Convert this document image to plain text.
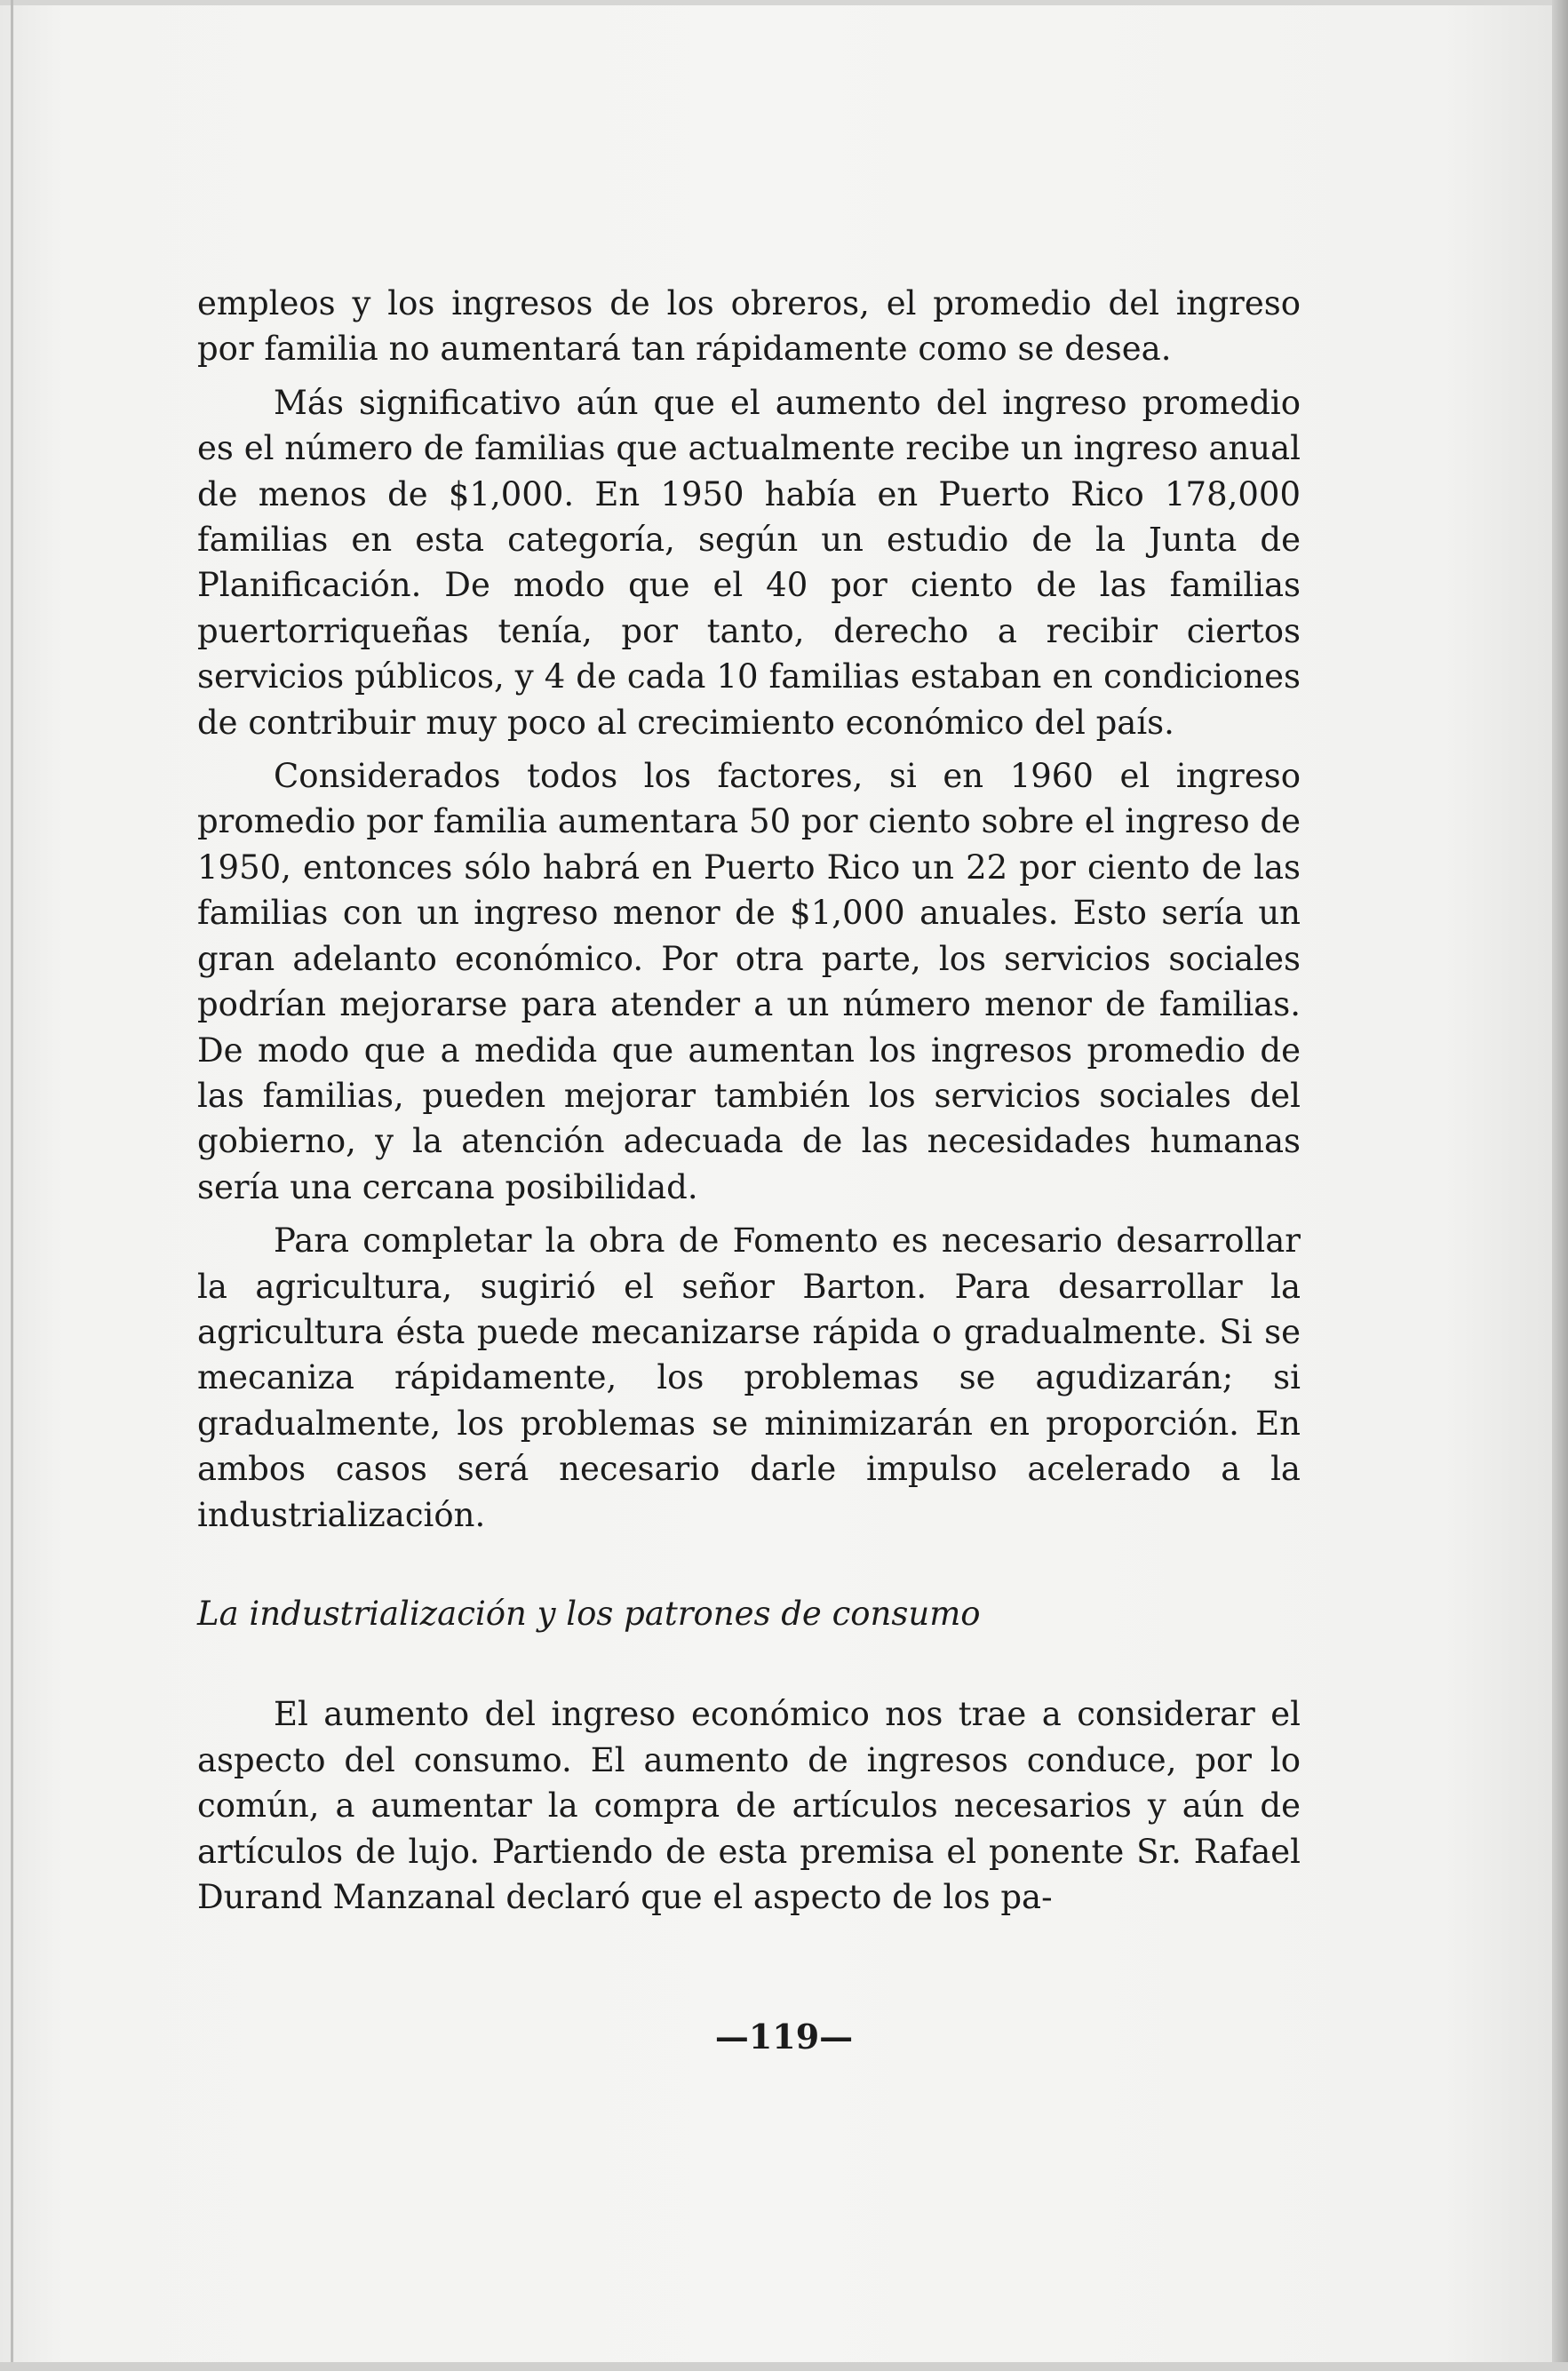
empleos y los ingresos de los obreros, el promedio del ingreso por familia no aumentará tan rápidamente como se desea.

Más significativo aún que el aumento del ingreso promedio es el número de familias que actualmente recibe un ingreso anual de menos de $1,000. En 1950 había en Puerto Rico 178,000 familias en esta categoría, según un estudio de la Junta de Planificación. De modo que el 40 por ciento de las familias puertorriqueñas tenía, por tanto, derecho a recibir ciertos servicios públicos, y 4 de cada 10 familias estaban en condiciones de contribuir muy poco al crecimiento económico del país.

Considerados todos los factores, si en 1960 el ingreso promedio por familia aumentara 50 por ciento sobre el ingreso de 1950, entonces sólo habrá en Puerto Rico un 22 por ciento de las familias con un ingreso menor de $1,000 anuales. Esto sería un gran adelanto económico. Por otra parte, los servicios sociales podrían mejorarse para atender a un número menor de familias. De modo que a medida que aumentan los ingresos promedio de las familias, pueden mejorar también los servicios sociales del gobierno, y la atención adecuada de las necesidades humanas sería una cercana posibilidad.

Para completar la obra de Fomento es necesario desarrollar la agricultura, sugirió el señor Barton. Para desarrollar la agricultura ésta puede mecanizarse rápida o gradualmente. Si se mecaniza rápidamente, los problemas se agudizarán; si gradualmente, los problemas se minimizarán en proporción. En ambos casos será necesario darle impulso acelerado a la industrialización.

La industrialización y los patrones de consumo

El aumento del ingreso económico nos trae a considerar el aspecto del consumo. El aumento de ingresos conduce, por lo común, a aumentar la compra de artículos necesarios y aún de artículos de lujo. Partiendo de esta premisa el ponente Sr. Rafael Durand Manzanal declaró que el aspecto de los pa-

—119—
